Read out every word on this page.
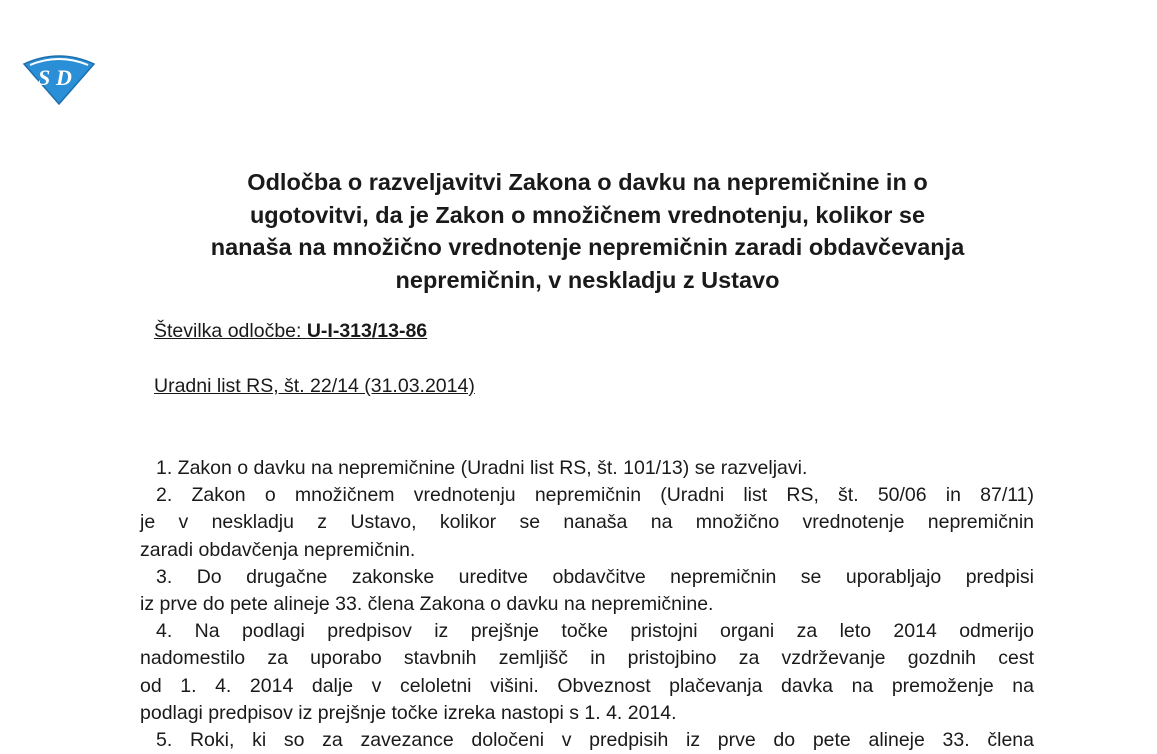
S D
Odločba o razveljavitvi Zakona o davku na nepremičnine in o
ugotovitvi, da je Zakon o množičnem vrednotenju, kolikor se
nanaša na množično vrednotenje nepremičnin zaradi obdavčevanja
nepremičnin, v neskladju z Ustavo
Številka odločbe: U-I-313/13-86
Uradni list RS, št. 22/14 (31.03.2014)
1. Zakon o davku na nepremičnine (Uradni list RS, št. 101/13) se razveljavi.
2. Zakon o množičnem vrednotenju nepremičnin (Uradni list RS, št. 50/06 in 87/11)
je v neskladju z Ustavo, kolikor se nanaša na množično vrednotenje nepremičnin
zaradi obdavčenja nepremičnin.
3. Do drugačne zakonske ureditve obdavčitve nepremičnin se uporabljajo predpisi
iz prve do pete alineje 33. člena Zakona o davku na nepremičnine.
4. Na podlagi predpisov iz prejšnje točke pristojni organi za leto 2014 odmerijo
nadomestilo za uporabo stavbnih zemljišč in pristojbino za vzdrževanje gozdnih cest
od 1. 4. 2014 dalje v celoletni višini. Obveznost plačevanja davka na premoženje na
podlagi predpisov iz prejšnje točke izreka nastopi s 1. 4. 2014.
5. Roki, ki so za zavezance določeni v predpisih iz prve do pete alineje 33. člena
